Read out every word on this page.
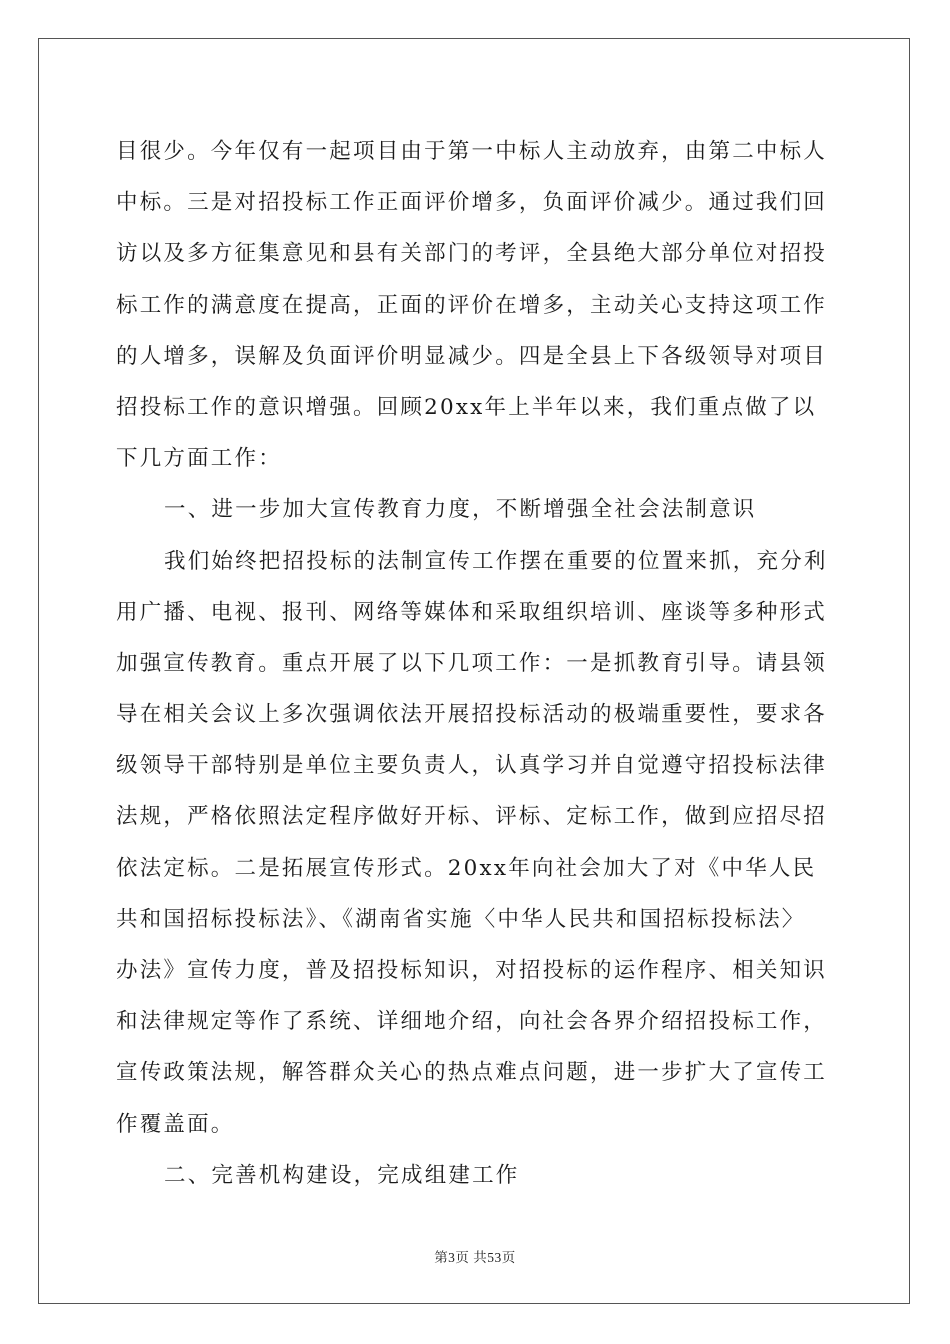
目很少。今年仅有一起项目由于第一中标人主动放弃，由第二中标人
中标。三是对招投标工作正面评价增多，负面评价减少。通过我们回
访以及多方征集意见和县有关部门的考评，全县绝大部分单位对招投
标工作的满意度在提高，正面的评价在增多，主动关心支持这项工作
的人增多，误解及负面评价明显减少。四是全县上下各级领导对项目
招投标工作的意识增强。回顾20xx年上半年以来，我们重点做了以
下几方面工作：
一、进一步加大宣传教育力度，不断增强全社会法制意识
我们始终把招投标的法制宣传工作摆在重要的位置来抓，充分利
用广播、电视、报刊、网络等媒体和采取组织培训、座谈等多种形式
加强宣传教育。重点开展了以下几项工作：一是抓教育引导。请县领
导在相关会议上多次强调依法开展招投标活动的极端重要性，要求各
级领导干部特别是单位主要负责人，认真学习并自觉遵守招投标法律
法规，严格依照法定程序做好开标、评标、定标工作，做到应招尽招
依法定标。二是拓展宣传形式。20xx年向社会加大了对《中华人民
共和国招标投标法》、《湖南省实施〈中华人民共和国招标投标法〉
办法》宣传力度，普及招投标知识，对招投标的运作程序、相关知识
和法律规定等作了系统、详细地介绍，向社会各界介绍招投标工作，
宣传政策法规，解答群众关心的热点难点问题，进一步扩大了宣传工
作覆盖面。
二、完善机构建设，完成组建工作
第3页 共53页
